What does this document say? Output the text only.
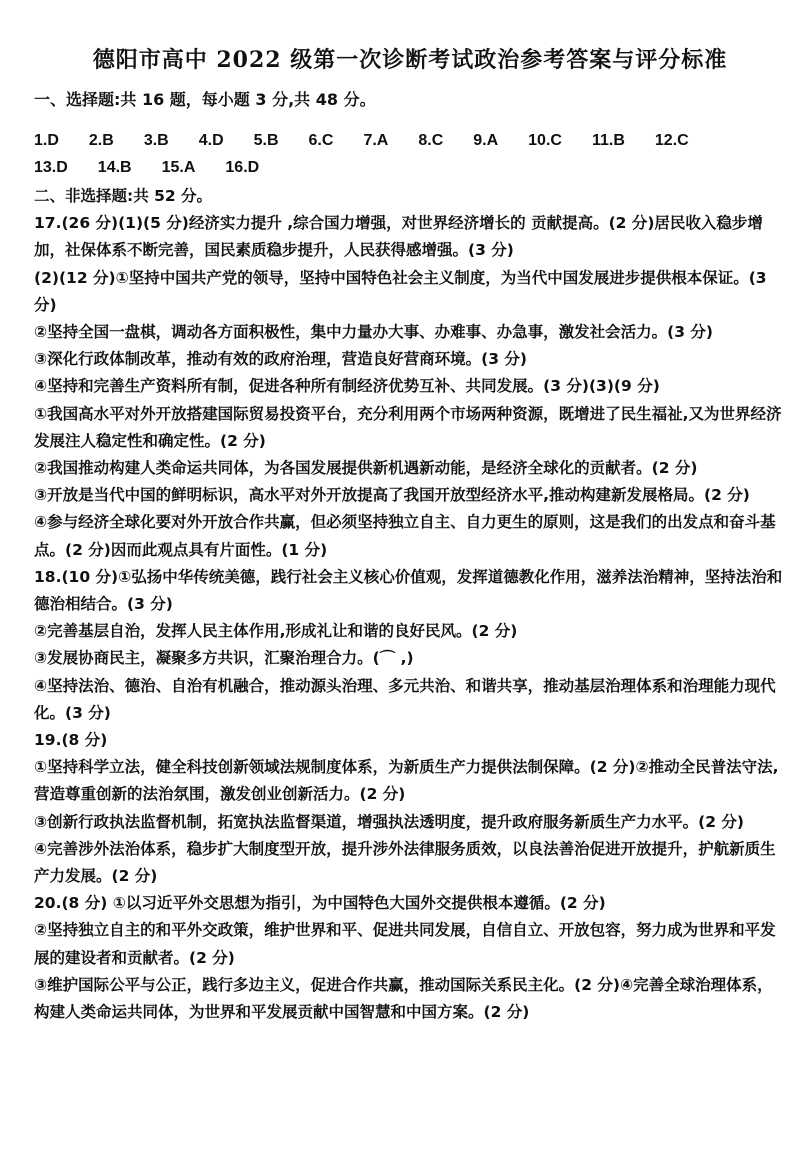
德阳市高中 2022 级第一次诊断考试政治参考答案与评分标准
一、选择题:共 16 题，每小题 3 分,共 48 分。
1.D 2.B 3.B 4.D 5.B 6.C 7.A 8.C 9.A 10.C 11.B 12.C
13.D 14.B 15.A 16.D
二、非选择题:共 52 分。

17.(26 分)(1)(5 分)经济实力提升 ,综合国力增强，对世界经济增长的 贡献提高。(2 分)居民收入稳步增加，社保体系不断完善，国民素质稳步提升，人民获得感增强。(3 分)

(2)(12 分)①坚持中国共产党的领导，坚持中国特色社会主义制度，为当代中国发展进步提供根本保证。(3 分)

②坚持全国一盘棋，调动各方面积极性，集中力量办大事、办难事、办急事，激发社会活力。(3 分)

③深化行政体制改革，推动有效的政府治理，营造良好营商环境。(3 分)

④坚持和完善生产资料所有制，促进各种所有制经济优势互补、共同发展。(3 分)(3)(9 分)

①我国高水平对外开放搭建国际贸易投资平台，充分利用两个市场两种资源，既增进了民生福祉,又为世界经济发展注人稳定性和确定性。(2 分)

②我国推动构建人类命运共同体，为各国发展提供新机遇新动能，是经济全球化的贡献者。(2 分)

③开放是当代中国的鲜明标识，高水平对外开放提高了我国开放型经济水平,推动构建新发展格局。(2 分)

④参与经济全球化要对外开放合作共赢，但必须坚持独立自主、自力更生的原则，这是我们的出发点和奋斗基点。(2 分)因而此观点具有片面性。(1 分)

18.(10 分)①弘扬中华传统美德，践行社会主义核心价值观，发挥道德教化作用，滋养法治精神，坚持法治和德治相结合。(3 分)

②完善基层自治，发挥人民主体作用,形成礼让和谐的良好民风。(2 分)

③发展协商民主，凝聚多方共识，汇聚治理合力。(⌒ ,)

④坚持法治、德治、自治有机融合，推动源头治理、多元共治、和谐共享，推动基层治理体系和治理能力现代化。(3 分)

19.(8 分)

①坚持科学立法，健全科技创新领域法规制度体系，为新质生产力提供法制保障。(2 分)②推动全民普法守法,营造尊重创新的法治氛围，激发创业创新活力。(2 分)

③创新行政执法监督机制，拓宽执法监督渠道，增强执法透明度，提升政府服务新质生产力水平。(2 分)

④完善涉外法治体系，稳步扩大制度型开放，提升涉外法律服务质效，以良法善治促进开放提升，护航新质生产力发展。(2 分)

20.(8 分) ①以习近平外交思想为指引，为中国特色大国外交提供根本遵循。(2 分)

②坚持独立自主的和平外交政策，维护世界和平、促进共同发展，自信自立、开放包容，努力成为世界和平发展的建设者和贡献者。(2 分)

③维护国际公平与公正，践行多边主义，促进合作共赢，推动国际关系民主化。(2 分)④完善全球治理体系，构建人类命运共同体，为世界和平发展贡献中国智慧和中国方案。(2 分)
